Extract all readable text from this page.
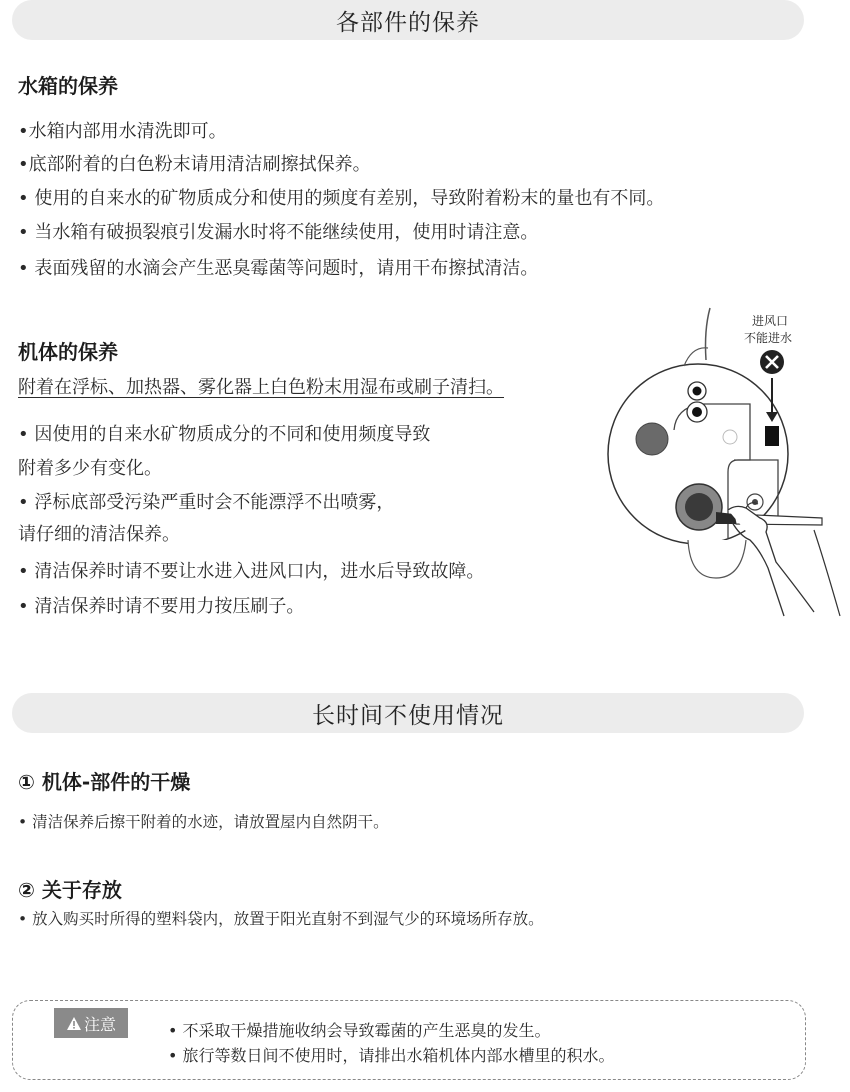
各部件的保养
水箱的保养
•水箱内部用水清洗即可。
•底部附着的白色粉末请用清洁刷擦拭保养。
• 使用的自来水的矿物质成分和使用的频度有差别，导致附着粉末的量也有不同。
• 当水箱有破损裂痕引发漏水时将不能继续使用，使用时请注意。
• 表面残留的水滴会产生恶臭霉菌等问题时，请用干布擦拭清洁。
机体的保养
附着在浮标、加热器、雾化器上白色粉末用湿布或刷子清扫。
• 因使用的自来水矿物质成分的不同和使用频度导致
附着多少有变化。
• 浮标底部受污染严重时会不能漂浮不出喷雾，
请仔细的清洁保养。
• 清洁保养时请不要让水进入进风口内，进水后导致故障。
• 清洁保养时请不要用力按压刷子。
进风口
不能进水
长时间不使用情况
① 机体-部件的干燥
• 清洁保养后擦干附着的水迹，请放置屋内自然阴干。
② 关于存放
• 放入购买时所得的塑料袋内，放置于阳光直射不到湿气少的环境场所存放。
注意	• 不采取干燥措施收纳会导致霉菌的产生恶臭的发生。
• 旅行等数日间不使用时，请排出水箱机体内部水槽里的积水。
